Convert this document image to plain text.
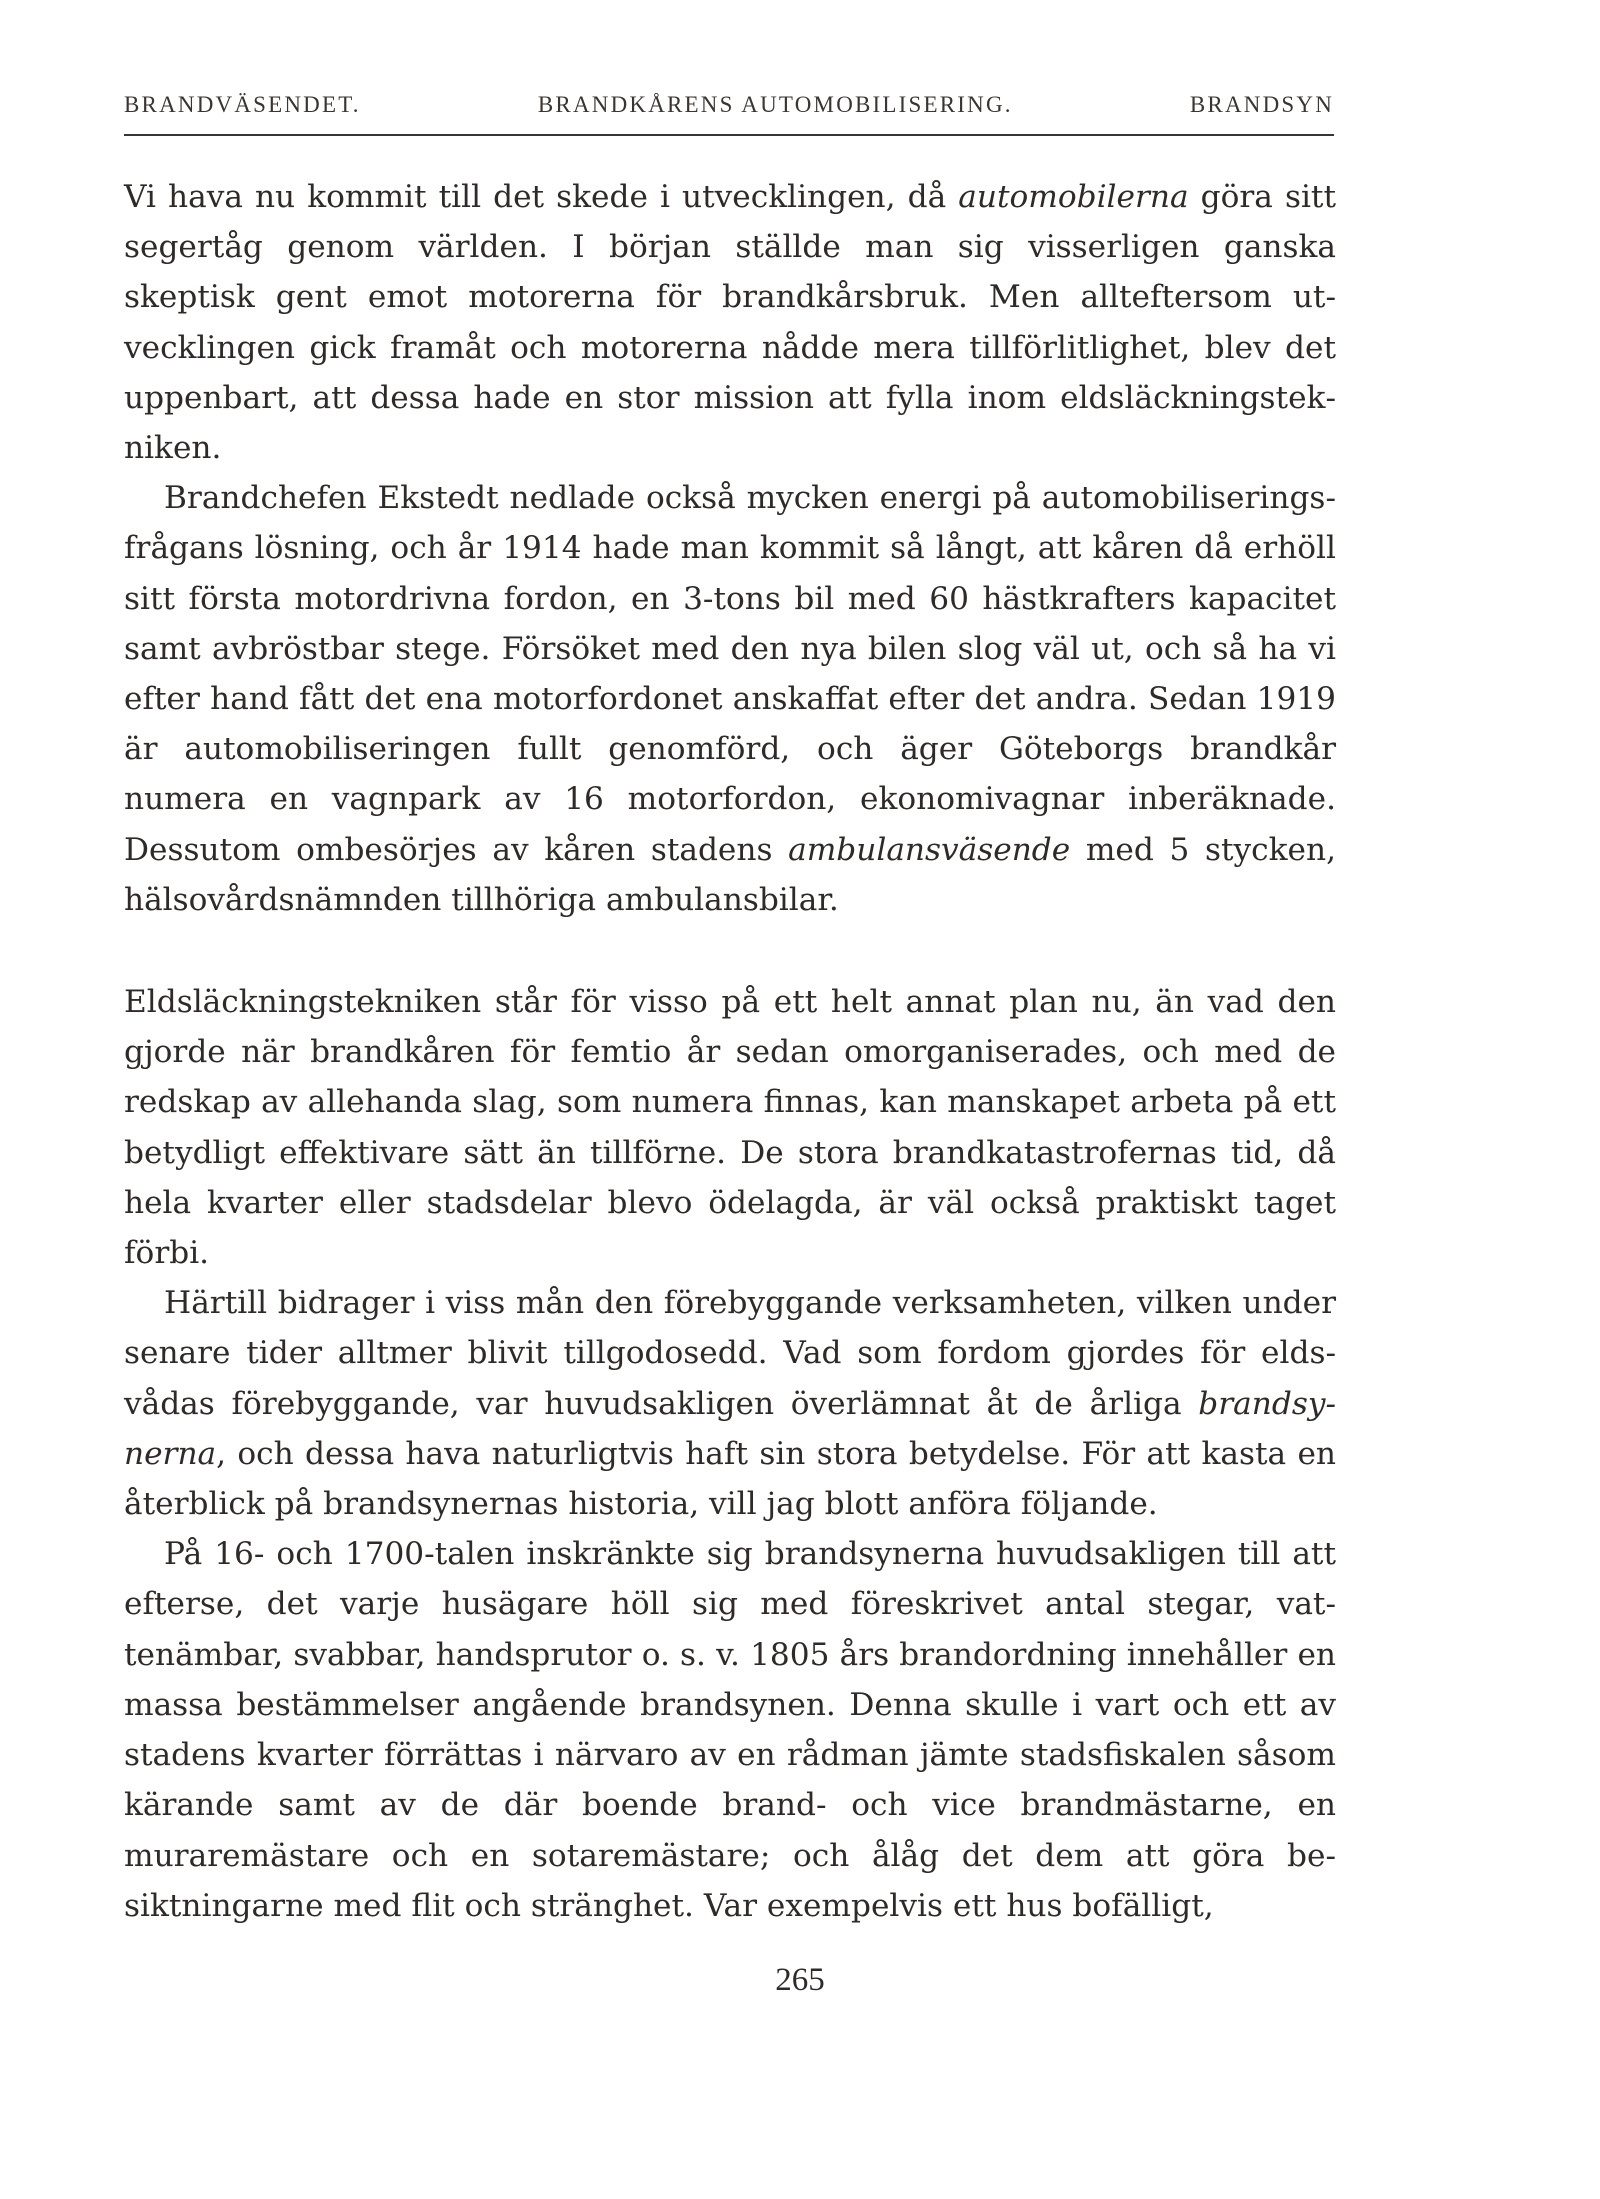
BRANDVÄSENDET.	BRANDKÅRENS AUTOMOBILISERING.	BRANDSYN

Vi hava nu kommit till det skede i utvecklingen, då automobilerna göra sitt segertåg genom världen. I början ställde man sig visserligen ganska skeptisk gent emot motorerna för brandkårsbruk. Men allteftersom utvecklingen gick framåt och motorerna nådde mera tillförlitlighet, blev det uppenbart, att dessa hade en stor mission att fylla inom eldsläckningstekniken.

Brandchefen Ekstedt nedlade också mycken energi på automobiliseringsfrågans lösning, och år 1914 hade man kommit så långt, att kåren då erhöll sitt första motordrivna fordon, en 3-tons bil med 60 hästkrafters kapacitet samt avbröstbar stege. Försöket med den nya bilen slog väl ut, och så ha vi efter hand fått det ena motorfordonet anskaffat efter det andra. Sedan 1919 är automobiliseringen fullt genomförd, och äger Göteborgs brandkår numera en vagnpark av 16 motorfordon, ekonomivagnar inberäknade. Dessutom ombesörjes av kåren stadens ambulansväsende med 5 stycken, hälsovårdsnämnden tillhöriga ambulansbilar.

Eldsläckningstekniken står för visso på ett helt annat plan nu, än vad den gjorde när brandkåren för femtio år sedan omorganiserades, och med de redskap av allehanda slag, som numera finnas, kan manskapet arbeta på ett betydligt effektivare sätt än tillförne. De stora brandkatastrofernas tid, då hela kvarter eller stadsdelar blevo ödelagda, är väl också praktiskt taget förbi.

Härtill bidrager i viss mån den förebyggande verksamheten, vilken under senare tider alltmer blivit tillgodosedd. Vad som fordom gjordes för eldsvådas förebyggande, var huvudsakligen överlämnat åt de årliga brandsynerna, och dessa hava naturligtvis haft sin stora betydelse. För att kasta en återblick på brandsynernas historia, vill jag blott anföra följande.

På 16- och 1700-talen inskränkte sig brandsynerna huvudsakligen till att efterse, det varje husägare höll sig med föreskrivet antal stegar, vattenämbar, svabbar, handsprutor o. s. v. 1805 års brandordning innehåller en massa bestämmelser angående brandsynen. Denna skulle i vart och ett av stadens kvarter förrättas i närvaro av en rådman jämte stadsfiskalen såsom kärande samt av de där boende brand- och vice brandmästarne, en muraremästare och en sotaremästare; och ålåg det dem att göra besiktningarne med flit och stränghet. Var exempelvis ett hus bofälligt,

265
